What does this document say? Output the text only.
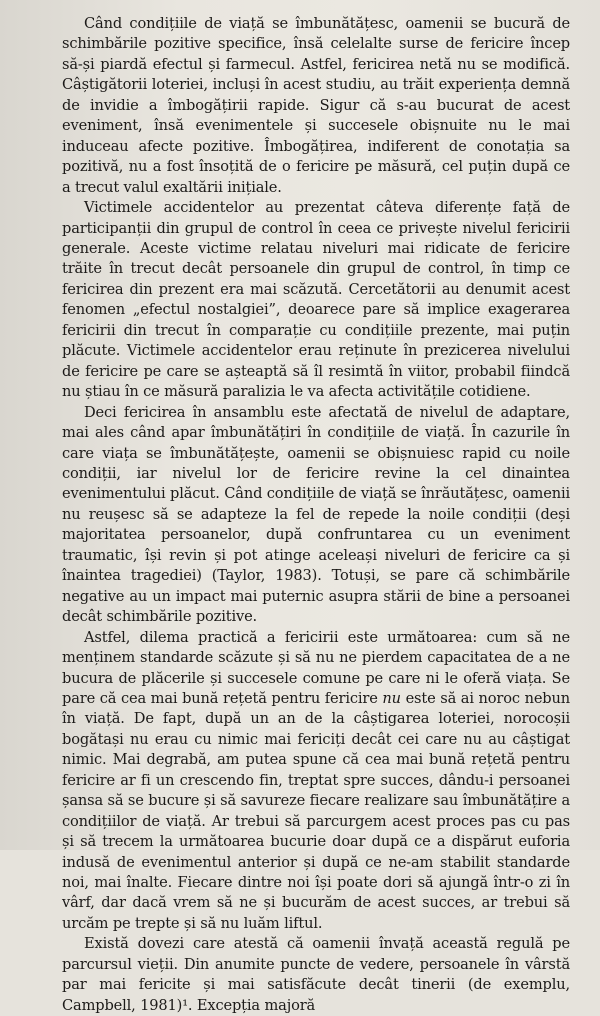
Când condițiile de viață se îmbunătățesc, oamenii se bucură de schimbările pozitive specifice, însă celelalte surse de fericire încep să-și piardă efectul și farmecul. Astfel, fericirea netă nu se modifică. Câștigătorii loteriei, incluși în acest studiu, au trăit experiența demnă de invidie a îmbogățirii rapide. Sigur că s-au bucurat de acest eveniment, însă evenimentele și succesele obișnuite nu le mai induceau afecte pozitive. Îmbogățirea, indiferent de conotația sa pozitivă, nu a fost însoțită de o fericire pe măsură, cel puțin după ce a trecut valul exaltării inițiale.

Victimele accidentelor au prezentat câteva diferențe față de participanții din grupul de control în ceea ce privește nivelul fericirii generale. Aceste victime relatau niveluri mai ridicate de fericire trăite în trecut decât persoanele din grupul de control, în timp ce fericirea din prezent era mai scăzută. Cercetătorii au denumit acest fenomen „efectul nostalgiei”, deoarece pare să implice exagerarea fericirii din trecut în comparație cu condițiile prezente, mai puțin plăcute. Victimele accidentelor erau reținute în prezicerea nivelului de fericire pe care se așteaptă să îl resimtă în viitor, probabil fiindcă nu știau în ce măsură paralizia le va afecta activitățile cotidiene.

Deci fericirea în ansamblu este afectată de nivelul de adaptare, mai ales când apar îmbunătățiri în condițiile de viață. În cazurile în care viața se îmbunătățește, oamenii se obișnuiesc rapid cu noile condiții, iar nivelul lor de fericire revine la cel dinaintea evenimentului plăcut. Când condițiile de viață se înrăutățesc, oamenii nu reușesc să se adapteze la fel de repede la noile condiții (deși majoritatea persoanelor, după confruntarea cu un eveniment traumatic, își revin și pot atinge aceleași niveluri de fericire ca și înaintea tragediei) (Taylor, 1983). Totuși, se pare că schimbările negative au un impact mai puternic asupra stării de bine a persoanei decât schimbările pozitive.

Astfel, dilema practică a fericirii este următoarea: cum să ne menținem standarde scăzute și să nu ne pierdem capacitatea de a ne bucura de plăcerile și succesele comune pe care ni le oferă viața. Se pare că cea mai bună rețetă pentru fericire nu este să ai noroc nebun în viață. De fapt, după un an de la câștigarea loteriei, norocoșii bogătași nu erau cu nimic mai fericiți decât cei care nu au câștigat nimic. Mai degrabă, am putea spune că cea mai bună rețetă pentru fericire ar fi un crescendo fin, treptat spre succes, dându-i persoanei șansa să se bucure și să savureze fiecare realizare sau îmbunătățire a condițiilor de viață. Ar trebui să parcurgem acest proces pas cu pas și să trecem la următoarea bucurie doar după ce a dispărut euforia indusă de evenimentul anterior și după ce ne-am stabilit standarde noi, mai înalte. Fiecare dintre noi își poate dori să ajungă într-o zi în vârf, dar dacă vrem să ne și bucurăm de acest succes, ar trebui să urcăm pe trepte și să nu luăm liftul.

Există dovezi care atestă că oamenii învață această regulă pe parcursul vieții. Din anumite puncte de vedere, persoanele în vârstă par mai fericite și mai satisfăcute decât tinerii (de exemplu, Campbell, 1981)¹. Excepția majoră
